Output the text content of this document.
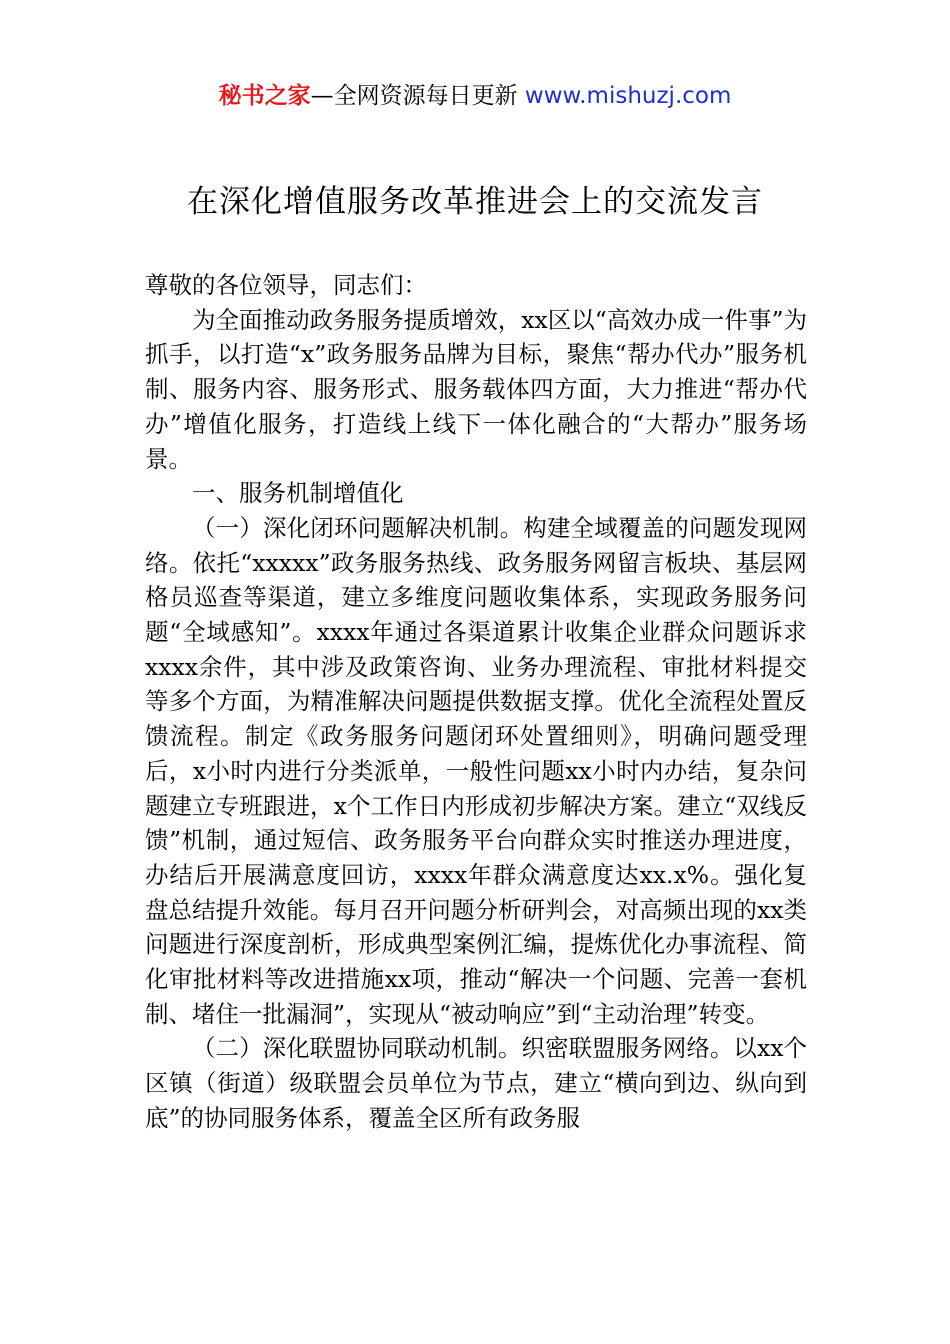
秘书之家—全网资源每日更新 www.mishuzj.com
在深化增值服务改革推进会上的交流发言

尊敬的各位领导，同志们：

为全面推动政务服务提质增效，xx区以“高效办成一件事”为抓手，以打造“x”政务服务品牌为目标，聚焦“帮办代办”服务机制、服务内容、服务形式、服务载体四方面，大力推进“帮办代办”增值化服务，打造线上线下一体化融合的“大帮办”服务场景。

一、服务机制增值化

（一）深化闭环问题解决机制。构建全域覆盖的问题发现网络。依托“xxxxx”政务服务热线、政务服务网留言板块、基层网格员巡查等渠道，建立多维度问题收集体系，实现政务服务问题“全域感知”。xxxx年通过各渠道累计收集企业群众问题诉求xxxx余件，其中涉及政策咨询、业务办理流程、审批材料提交等多个方面，为精准解决问题提供数据支撑。优化全流程处置反馈流程。制定《政务服务问题闭环处置细则》，明确问题受理后，x小时内进行分类派单，一般性问题xx小时内办结，复杂问题建立专班跟进，x个工作日内形成初步解决方案。建立“双线反馈”机制，通过短信、政务服务平台向群众实时推送办理进度，办结后开展满意度回访，xxxx年群众满意度达xx.x%。强化复盘总结提升效能。每月召开问题分析研判会，对高频出现的xx类问题进行深度剖析，形成典型案例汇编，提炼优化办事流程、简化审批材料等改进措施xx项，推动“解决一个问题、完善一套机制、堵住一批漏洞”，实现从“被动响应”到“主动治理”转变。

（二）深化联盟协同联动机制。织密联盟服务网络。以xx个区镇（街道）级联盟会员单位为节点，建立“横向到边、纵向到底”的协同服务体系，覆盖全区所有政务服
